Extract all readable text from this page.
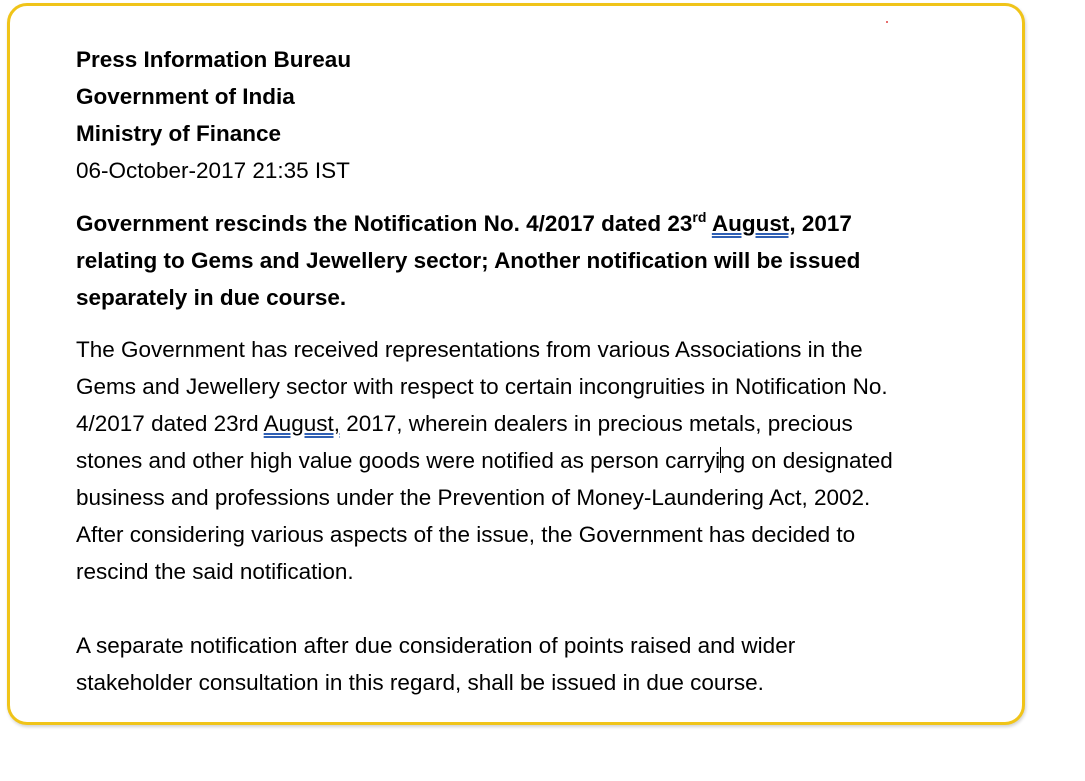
Press Information Bureau
Government of India
Ministry of Finance
06-October-2017 21:35 IST
Government rescinds the Notification No. 4/2017 dated 23rd August, 2017
relating to Gems and Jewellery sector; Another notification will be issued
separately in due course.
The Government has received representations from various Associations in the
Gems and Jewellery sector with respect to certain incongruities in Notification No.
4/2017 dated 23rd August, 2017, wherein dealers in precious metals, precious
stones and other high value goods were notified as person carrying on designated
business and professions under the Prevention of Money-Laundering Act, 2002.
After considering various aspects of the issue, the Government has decided to
rescind the said notification.
A separate notification after due consideration of points raised and wider
stakeholder consultation in this regard, shall be issued in due course.
